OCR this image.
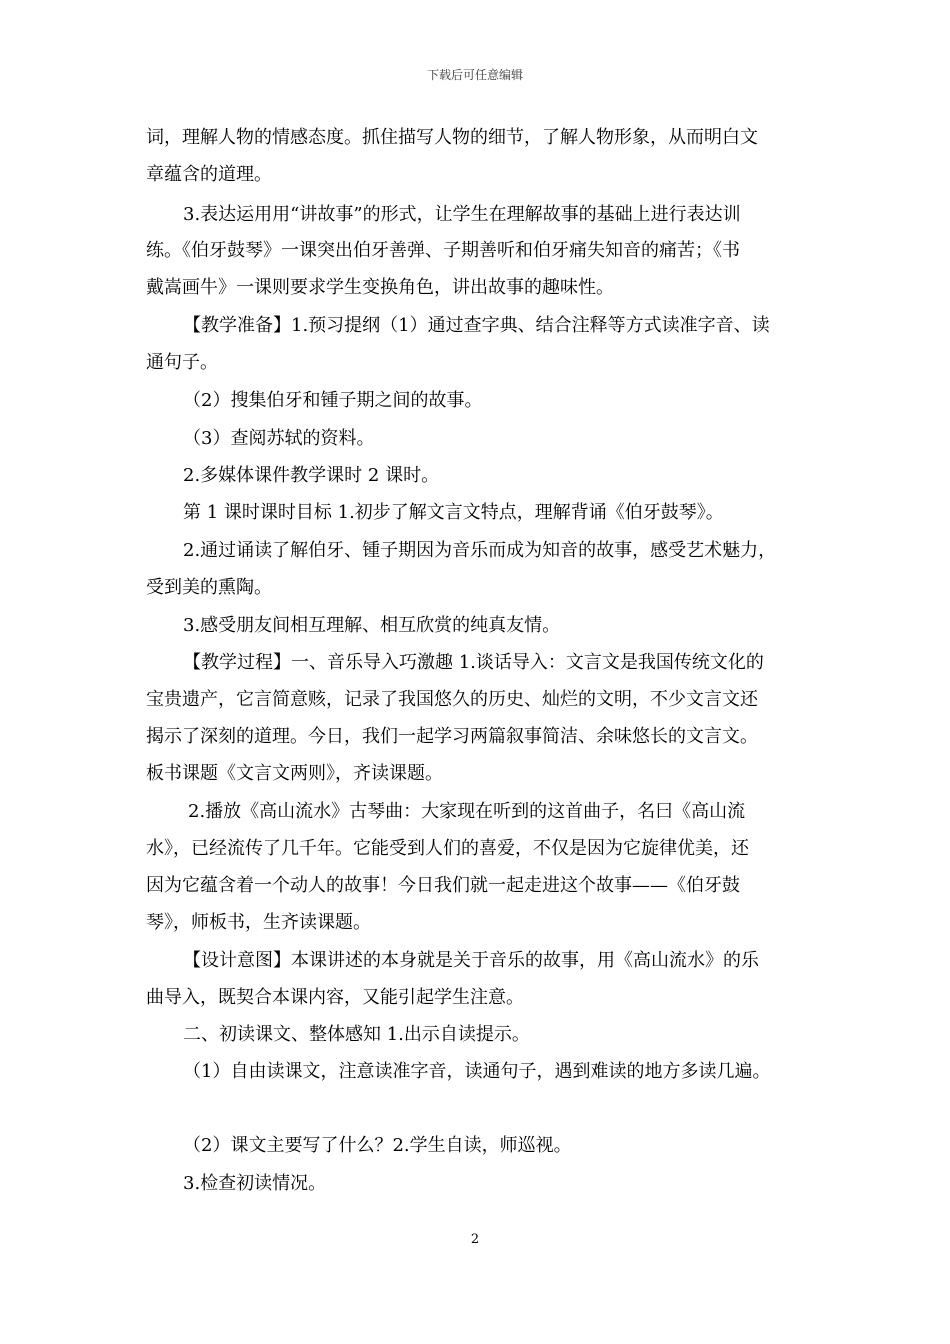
下载后可任意编辑
词，理解人物的情感态度。抓住描写人物的细节，了解人物形象，从而明白文
章蕴含的道理。
3.表达运用用“讲故事”的形式，让学生在理解故事的基础上进行表达训
练。《伯牙鼓琴》一课突出伯牙善弹、子期善听和伯牙痛失知音的痛苦；《书
戴嵩画牛》一课则要求学生变换角色，讲出故事的趣味性。
【教学准备】1.预习提纲（1）通过查字典、结合注释等方式读准字音、读
通句子。
（2）搜集伯牙和锺子期之间的故事。
（3）查阅苏轼的资料。
2.多媒体课件教学课时 2 课时。
第 1 课时课时目标 1.初步了解文言文特点，理解背诵《伯牙鼓琴》。
2.通过诵读了解伯牙、锺子期因为音乐而成为知音的故事，感受艺术魅力，
受到美的熏陶。
3.感受朋友间相互理解、相互欣赏的纯真友情。
【教学过程】一、音乐导入巧激趣 1.谈话导入：文言文是我国传统文化的
宝贵遗产，它言简意赅，记录了我国悠久的历史、灿烂的文明，不少文言文还
揭示了深刻的道理。今日，我们一起学习两篇叙事简洁、余味悠长的文言文。
板书课题《文言文两则》，齐读课题。
2.播放《高山流水》古琴曲：大家现在听到的这首曲子，名曰《高山流
水》，已经流传了几千年。它能受到人们的喜爱，不仅是因为它旋律优美，还
因为它蕴含着一个动人的故事！今日我们就一起走进这个故事——《伯牙鼓
琴》，师板书，生齐读课题。
【设计意图】本课讲述的本身就是关于音乐的故事，用《高山流水》的乐
曲导入，既契合本课内容，又能引起学生注意。
二、初读课文、整体感知 1.出示自读提示。
（1）自由读课文，注意读准字音，读通句子，遇到难读的地方多读几遍。
（2）课文主要写了什么？2.学生自读，师巡视。
3.检查初读情况。
2
